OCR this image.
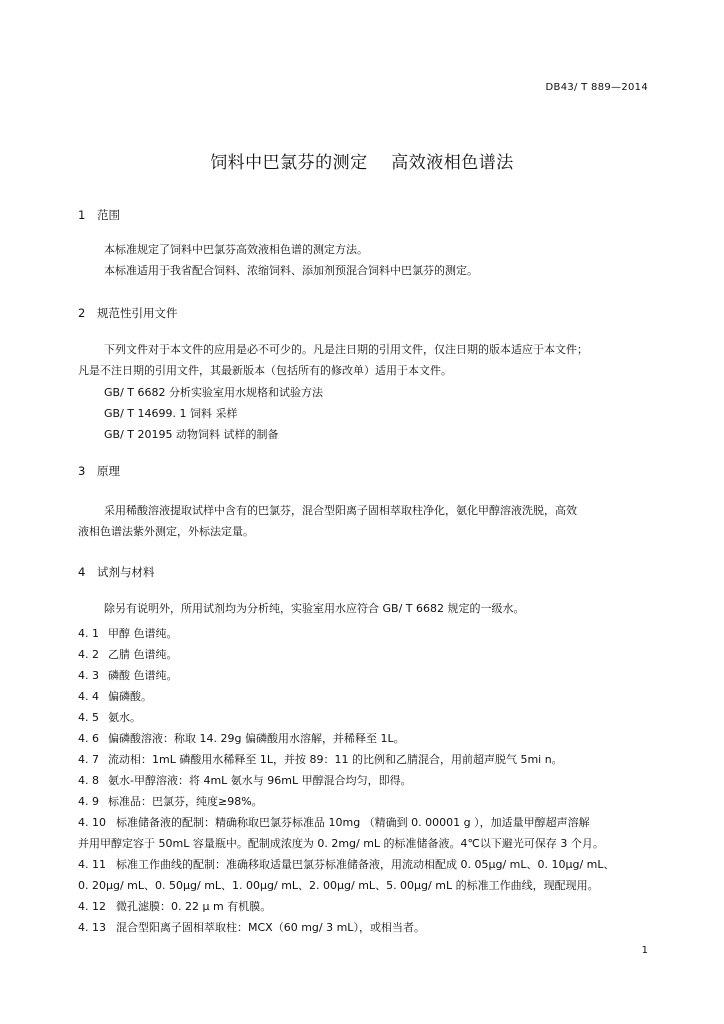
DB43/ T 889—2014
饲料中巴氯芬的测定    高效液相色谱法
1 范围
本标准规定了饲料中巴氯芬高效液相色谱的测定方法。
本标准适用于我省配合饲料、浓缩饲料、添加剂预混合饲料中巴氯芬的测定。
2 规范性引用文件
下列文件对于本文件的应用是必不可少的。凡是注日期的引用文件，仅注日期的版本适应于本文件；
凡是不注日期的引用文件，其最新版本（包括所有的修改单）适用于本文件。
GB/ T 6682 分析实验室用水规格和试验方法
GB/ T 14699. 1 饲料 采样
GB/ T 20195 动物饲料 试样的制备
3 原理
采用稀酸溶液提取试样中含有的巴氯芬，混合型阳离子固相萃取柱净化，氨化甲醇溶液洗脱，高效
液相色谱法紫外测定，外标法定量。
4 试剂与材料
除另有说明外，所用试剂均为分析纯，实验室用水应符合 GB/ T 6682 规定的一级水。
4. 1 甲醇 色谱纯。
4. 2 乙腈 色谱纯。
4. 3 磷酸 色谱纯。
4. 4 偏磷酸。
4. 5 氨水。
4. 6 偏磷酸溶液：称取 14. 29g 偏磷酸用水溶解，并稀释至 1L。
4. 7 流动相：1mL 磷酸用水稀释至 1L，并按 89：11 的比例和乙腈混合，用前超声脱气 5mi n。
4. 8 氨水-甲醇溶液：将 4mL 氨水与 96mL 甲醇混合均匀，即得。
4. 9 标准品：巴氯芬，纯度≥98%。
4. 10 标准储备液的配制：精确称取巴氯芬标准品 10mg （精确到 0. 00001 g ），加适量甲醇超声溶解
并用甲醇定容于 50mL 容量瓶中。配制成浓度为 0. 2mg/ mL 的标准储备液。4℃以下避光可保存 3 个月。
4. 11 标准工作曲线的配制：准确移取适量巴氯芬标准储备液，用流动相配成 0. 05μg/ mL、0. 10μg/ mL、
0. 20μg/ mL、0. 50μg/ mL、1. 00μg/ mL、2. 00μg/ mL、5. 00μg/ mL 的标准工作曲线，现配现用。
4. 12 微孔滤膜：0. 22 μ m 有机膜。
4. 13 混合型阳离子固相萃取柱：MCX（60 mg/ 3 mL），或相当者。
1
